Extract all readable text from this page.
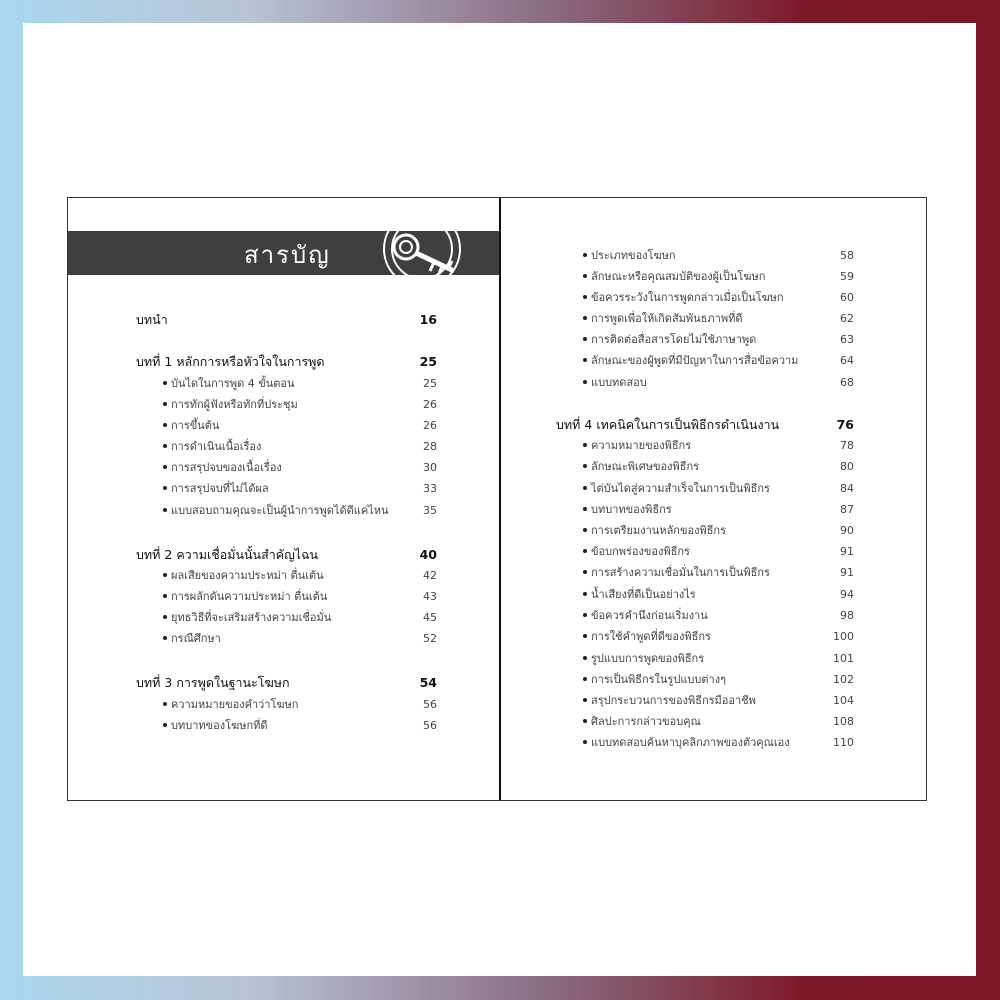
สารบัญ
บทนำ	16
บทที่ 1 หลักการหรือหัวใจในการพูด	25
บันไดในการพูด 4 ขั้นตอน	25
การทักผู้ฟังหรือทักที่ประชุม	26
การขึ้นต้น	26
การดำเนินเนื้อเรื่อง	28
การสรุปจบของเนื้อเรื่อง	30
การสรุปจบที่ไม่ได้ผล	33
แบบสอบถามคุณจะเป็นผู้นำการพูดได้ดีแค่ไหน	35
บทที่ 2 ความเชื่อมั่นนั้นสำคัญไฉน	40
ผลเสียของความประหม่า ตื่นเต้น	42
การผลักดันความประหม่า ตื่นเต้น	43
ยุทธวิธีที่จะเสริมสร้างความเชื่อมั่น	45
กรณีศึกษา	52
บทที่ 3 การพูดในฐานะโฆษก	54
ความหมายของคำว่าโฆษก	56
บทบาทของโฆษกที่ดี	56
ประเภทของโฆษก	58
ลักษณะหรือคุณสมบัติของผู้เป็นโฆษก	59
ข้อควรระวังในการพูดกล่าวเมื่อเป็นโฆษก	60
การพูดเพื่อให้เกิดสัมพันธภาพที่ดี	62
การติดต่อสื่อสารโดยไม่ใช้ภาษาพูด	63
ลักษณะของผู้พูดที่มีปัญหาในการสื่อข้อความ	64
แบบทดสอบ	68
บทที่ 4 เทคนิคในการเป็นพิธีกรดำเนินงาน	76
ความหมายของพิธีกร	78
ลักษณะพิเศษของพิธีกร	80
ไต่บันไดสู่ความสำเร็จในการเป็นพิธีกร	84
บทบาทของพิธีกร	87
การเตรียมงานหลักของพิธีกร	90
ข้อบกพร่องของพิธีกร	91
การสร้างความเชื่อมั่นในการเป็นพิธีกร	91
น้ำเสียงที่ดีเป็นอย่างไร	94
ข้อควรคำนึงก่อนเริ่มงาน	98
การใช้คำพูดที่ดีของพิธีกร	100
รูปแบบการพูดของพิธีกร	101
การเป็นพิธีกรในรูปแบบต่างๆ	102
สรุปกระบวนการของพิธีกรมืออาชีพ	104
ศิลปะการกล่าวขอบคุณ	108
แบบทดสอบค้นหาบุคลิกภาพของตัวคุณเอง	110
